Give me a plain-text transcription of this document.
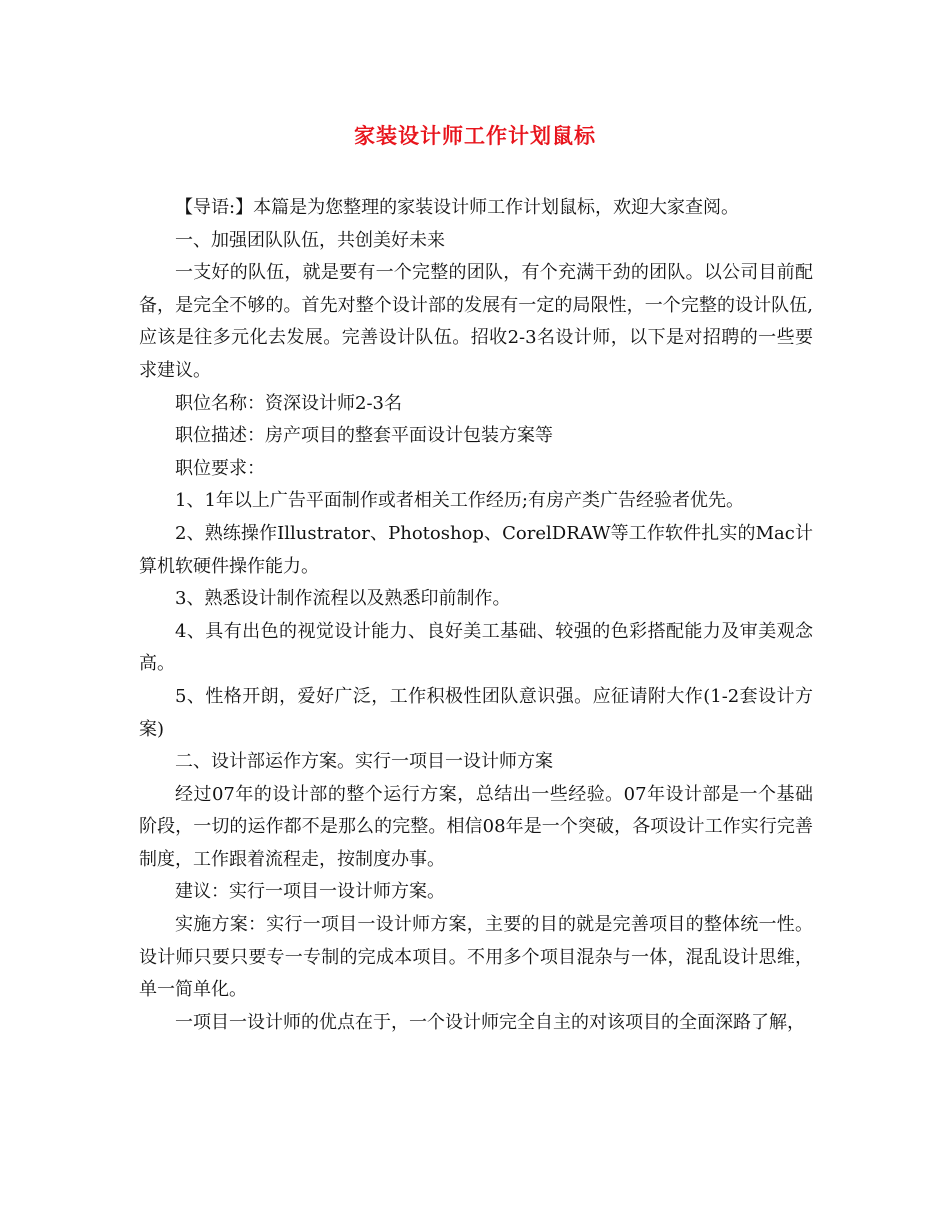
家装设计师工作计划鼠标

【导语:】本篇是为您整理的家装设计师工作计划鼠标，欢迎大家查阅。

一、加强团队队伍，共创美好未来

一支好的队伍，就是要有一个完整的团队，有个充满干劲的团队。以公司目前配备，是完全不够的。首先对整个设计部的发展有一定的局限性，一个完整的设计队伍,应该是往多元化去发展。完善设计队伍。招收2-3名设计师，以下是对招聘的一些要求建议。

职位名称：资深设计师2-3名

职位描述：房产项目的整套平面设计包装方案等

职位要求：

1、1年以上广告平面制作或者相关工作经历;有房产类广告经验者优先。

2、熟练操作Illustrator、Photoshop、CorelDRAW等工作软件扎实的Mac计算机软硬件操作能力。

3、熟悉设计制作流程以及熟悉印前制作。

4、具有出色的视觉设计能力、良好美工基础、较强的色彩搭配能力及审美观念高。

5、性格开朗，爱好广泛，工作积极性团队意识强。应征请附大作(1-2套设计方案)

二、设计部运作方案。实行一项目一设计师方案

经过07年的设计部的整个运行方案，总结出一些经验。07年设计部是一个基础阶段，一切的运作都不是那么的完整。相信08年是一个突破，各项设计工作实行完善制度，工作跟着流程走，按制度办事。

建议：实行一项目一设计师方案。

实施方案：实行一项目一设计师方案，主要的目的就是完善项目的整体统一性。设计师只要只要专一专制的完成本项目。不用多个项目混杂与一体，混乱设计思维，单一简单化。

一项目一设计师的优点在于，一个设计师完全自主的对该项目的全面深路了解，
